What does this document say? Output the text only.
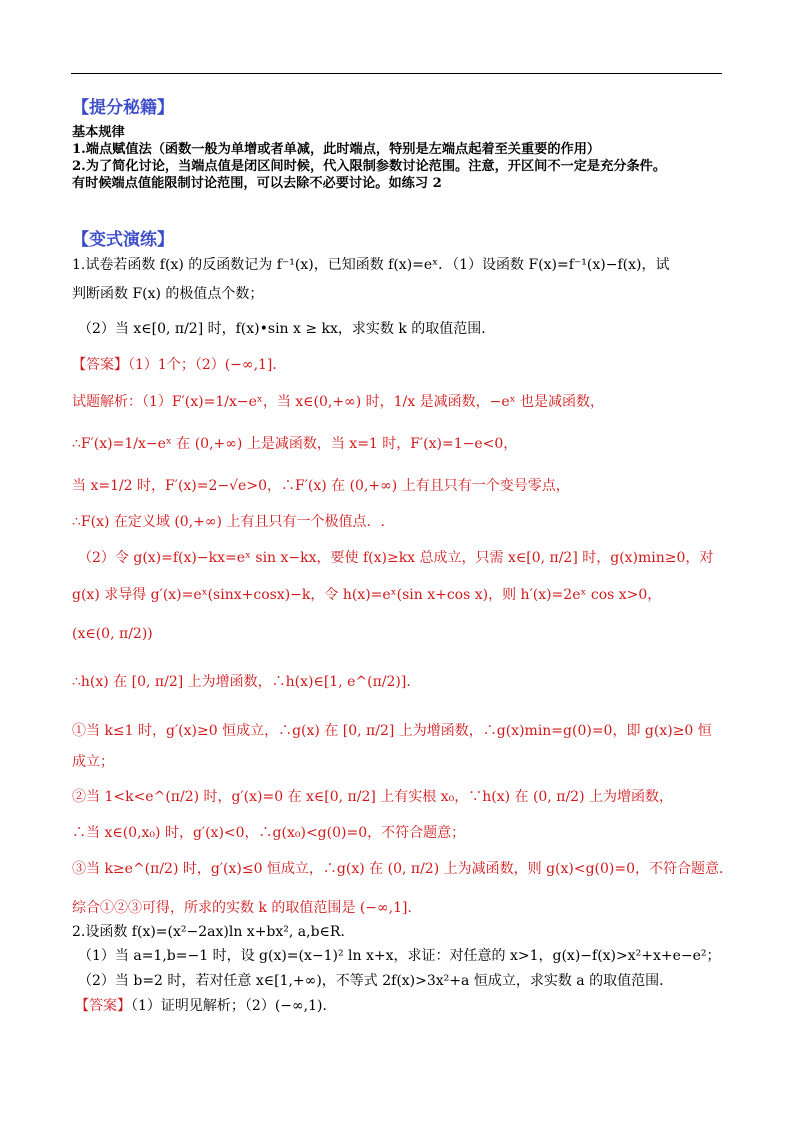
【提分秘籍】
基本规律
1.端点赋值法（函数一般为单增或者单减，此时端点，特别是左端点起着至关重要的作用）
2.为了简化讨论，当端点值是闭区间时候，代入限制参数讨论范围。注意，开区间不一定是充分条件。
有时候端点值能限制讨论范围，可以去除不必要讨论。如练习 2
【变式演练】
1.试卷若函数 f(x) 的反函数记为 f⁻¹(x)，已知函数 f(x)=eˣ．（1）设函数 F(x)=f⁻¹(x)−f(x)，试
判断函数 F(x) 的极值点个数；
（2）当 x∈[0, π/2] 时，f(x)•sin x ≥ kx，求实数 k 的取值范围．
【答案】（1）1个；（2）(−∞,1]．
试题解析：（1）F′(x)=1/x−eˣ，当 x∈(0,+∞) 时，1/x 是减函数，−eˣ 也是减函数，
∴F′(x)=1/x−eˣ 在 (0,+∞) 上是减函数，当 x=1 时，F′(x)=1−e<0，
当 x=1/2 时，F′(x)=2−√e>0，∴F′(x) 在 (0,+∞) 上有且只有一个变号零点，
∴F(x) 在定义域 (0,+∞) 上有且只有一个极值点．.
（2）令 g(x)=f(x)−kx=eˣ sin x−kx，要使 f(x)≥kx 总成立，只需 x∈[0, π/2] 时，g(x)min≥0，对
g(x) 求导得 g′(x)=eˣ(sinx+cosx)−k，令 h(x)=eˣ(sin x+cos x)，则 h′(x)=2eˣ cos x>0，
(x∈(0, π/2))
∴h(x) 在 [0, π/2] 上为增函数，∴h(x)∈[1, e^(π/2)]．
①当 k≤1 时，g′(x)≥0 恒成立，∴g(x) 在 [0, π/2] 上为增函数，∴g(x)min=g(0)=0，即 g(x)≥0 恒
成立；
②当 1<k<e^(π/2) 时，g′(x)=0 在 x∈[0, π/2] 上有实根 x₀，∵h(x) 在 (0, π/2) 上为增函数，
∴当 x∈(0,x₀) 时，g′(x)<0，∴g(x₀)<g(0)=0，不符合题意；
③当 k≥e^(π/2) 时，g′(x)≤0 恒成立，∴g(x) 在 (0, π/2) 上为减函数，则 g(x)<g(0)=0，不符合题意．
综合①②③可得，所求的实数 k 的取值范围是 (−∞,1]．
2.设函数 f(x)=(x²−2ax)ln x+bx², a,b∈R．
（1）当 a=1,b=−1 时，设 g(x)=(x−1)² ln x+x，求证：对任意的 x>1，g(x)−f(x)>x²+x+e−e²；
（2）当 b=2 时，若对任意 x∈[1,+∞)，不等式 2f(x)>3x²+a 恒成立，求实数 a 的取值范围．
【答案】（1）证明见解析；（2）(−∞,1)．
